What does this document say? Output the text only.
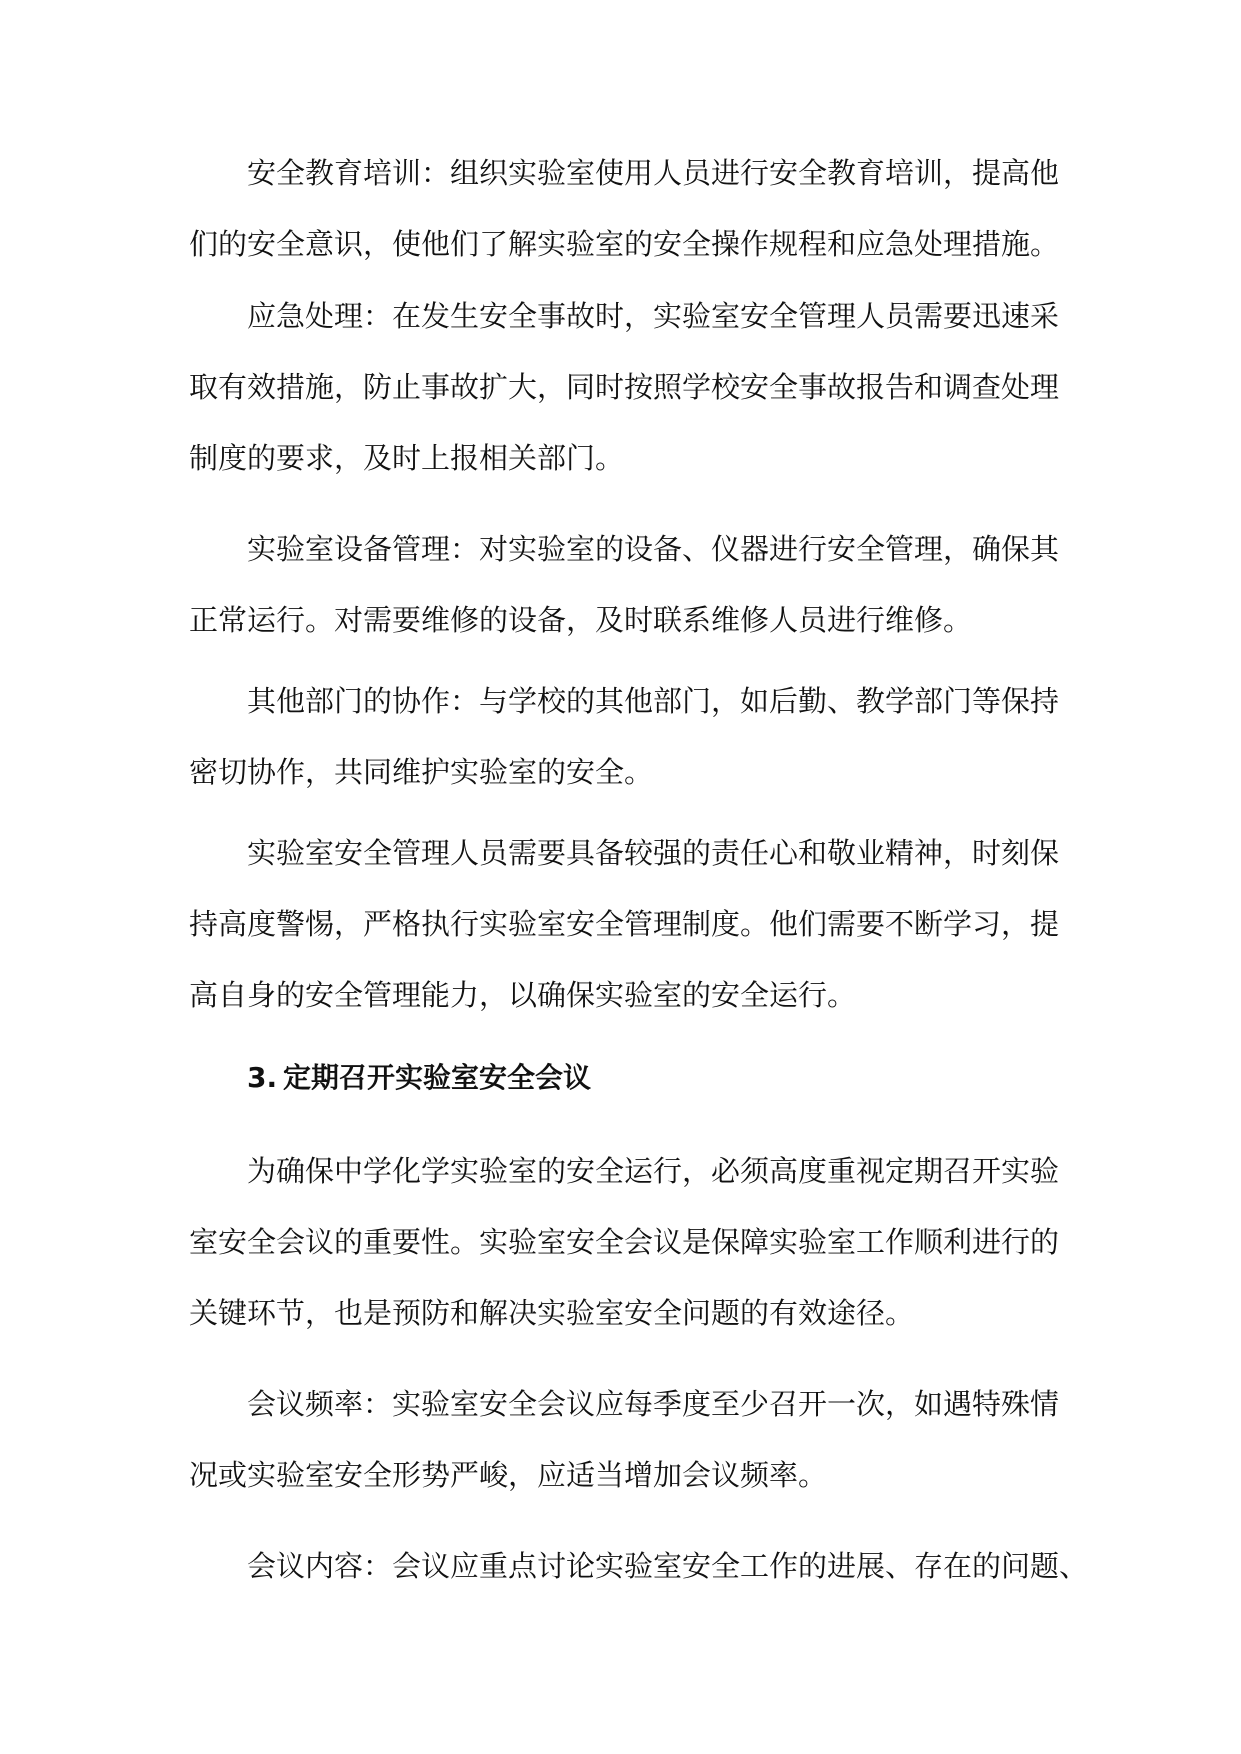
安全教育培训：组织实验室使用人员进行安全教育培训，提高他
们的安全意识，使他们了解实验室的安全操作规程和应急处理措施。
应急处理：在发生安全事故时，实验室安全管理人员需要迅速采
取有效措施，防止事故扩大，同时按照学校安全事故报告和调查处理
制度的要求，及时上报相关部门。
实验室设备管理：对实验室的设备、仪器进行安全管理，确保其
正常运行。对需要维修的设备，及时联系维修人员进行维修。
其他部门的协作：与学校的其他部门，如后勤、教学部门等保持
密切协作，共同维护实验室的安全。
实验室安全管理人员需要具备较强的责任心和敬业精神，时刻保
持高度警惕，严格执行实验室安全管理制度。他们需要不断学习，提
高自身的安全管理能力，以确保实验室的安全运行。
3. 定期召开实验室安全会议
为确保中学化学实验室的安全运行，必须高度重视定期召开实验
室安全会议的重要性。实验室安全会议是保障实验室工作顺利进行的
关键环节，也是预防和解决实验室安全问题的有效途径。
会议频率：实验室安全会议应每季度至少召开一次，如遇特殊情
况或实验室安全形势严峻，应适当增加会议频率。
会议内容：会议应重点讨论实验室安全工作的进展、存在的问题、
